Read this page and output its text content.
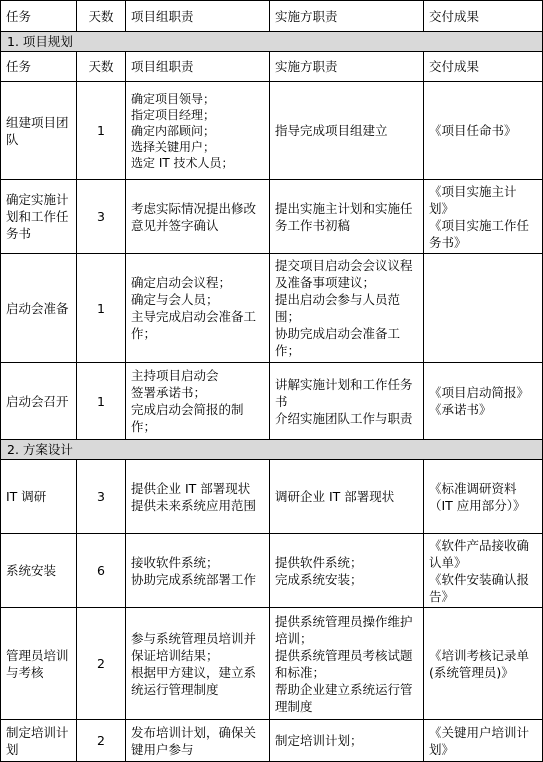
任务	天数	项目组职责	实施方职责	交付成果
1. 项目规划				
任务	天数	项目组职责	实施方职责	交付成果
组建项目团队	1	确定项目领导；
指定项目经理；
确定内部顾问；
选择关键用户；
选定 IT 技术人员；	指导完成项目组建立	《项目任命书》
确定实施计划和工作任务书	3	考虑实际情况提出修改意见并签字确认	提出实施主计划和实施任务工作书初稿	《项目实施主计划》
《项目实施工作任务书》
启动会准备	1	确定启动会议程；
确定与会人员；
主导完成启动会准备工作；	提交项目启动会会议议程及准备事项建议；
提出启动会参与人员范围；
协助完成启动会准备工作；	
启动会召开	1	主持项目启动会
签署承诺书；
完成启动会简报的制作；	讲解实施计划和工作任务书
介绍实施团队工作与职责	《项目启动简报》
《承诺书》
2. 方案设计				
IT 调研	3	提供企业 IT 部署现状
提供未来系统应用范围	调研企业 IT 部署现状	《标准调研资料（IT 应用部分）》
系统安装	6	接收软件系统；
协助完成系统部署工作	提供软件系统；
完成系统安装；	《软件产品接收确认单》
《软件安装确认报告》
管理员培训与考核	2	参与系统管理员培训并保证培训结果；
根据甲方建议，建立系统运行管理制度	提供系统管理员操作维护培训；
提供系统管理员考核试题和标准；
帮助企业建立系统运行管理制度	《培训考核记录单(系统管理员)》
制定培训计划	2	发布培训计划，确保关键用户参与	制定培训计划；	《关键用户培训计划》
